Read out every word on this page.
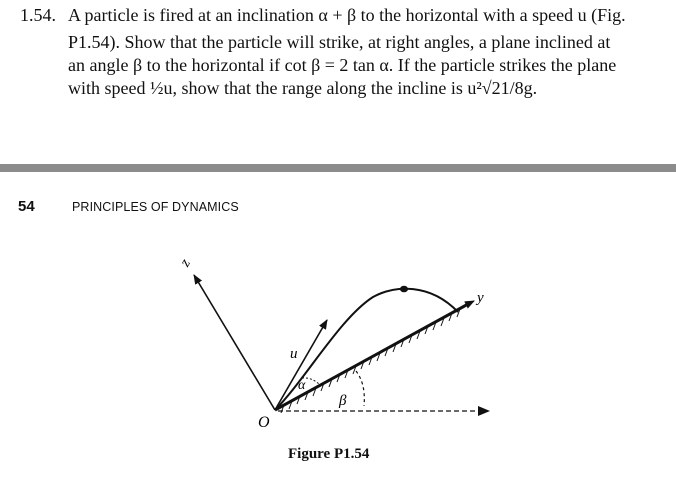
1.54. A particle is fired at an inclination α + β to the horizontal with a speed u (Fig.
P1.54). Show that the particle will strike, at right angles, a plane inclined at
an angle β to the horizontal if cot β = 2 tan α. If the particle strikes the plane
with speed ½u, show that the range along the incline is u²√21/8g.
54	PRINCIPLES OF DYNAMICS
z
y
u
α
β
O
Figure P1.54
